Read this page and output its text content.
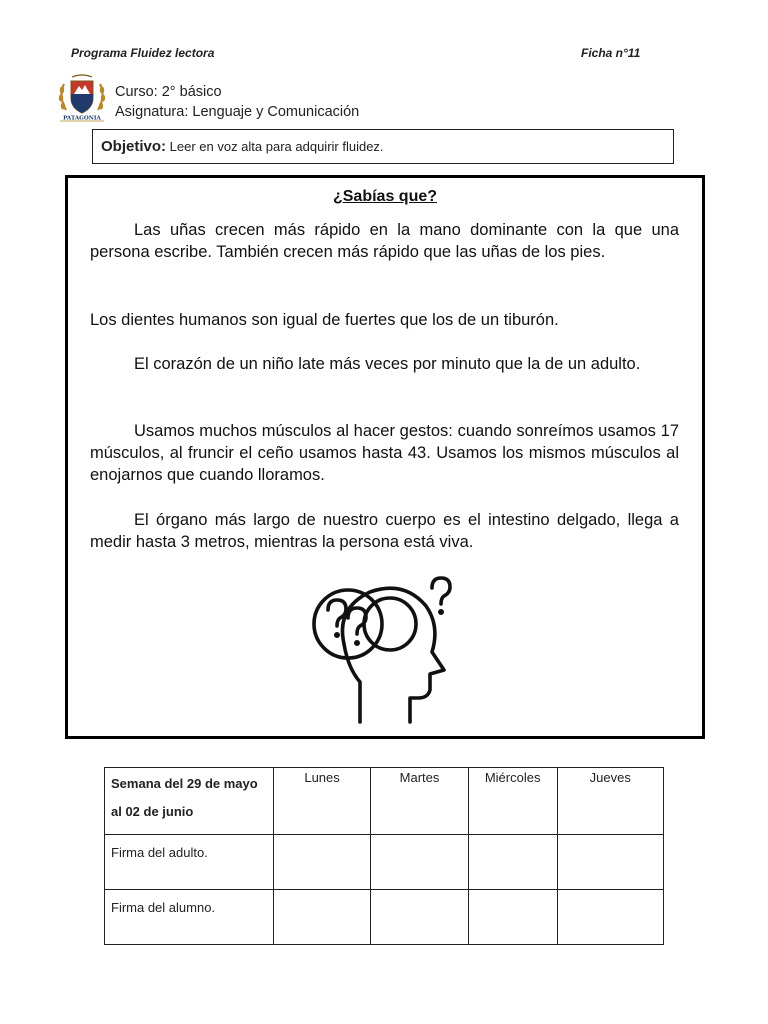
Programa Fluidez lectora	Ficha n°11
PATAGONIA
Curso: 2° básico
Asignatura: Lenguaje y Comunicación
Objetivo: Leer en voz alta para adquirir fluidez.
¿Sabías que?

Las uñas crecen más rápido en la mano dominante con la que una persona escribe. También crecen más rápido que las uñas de los pies.

Los dientes humanos son igual de fuertes que los de un tiburón.

El corazón de un niño late más veces por minuto que la de un adulto.

Usamos muchos músculos al hacer gestos: cuando sonreímos usamos 17 músculos, al fruncir el ceño usamos hasta 43. Usamos los mismos músculos al enojarnos que cuando lloramos.

El órgano más largo de nuestro cuerpo es el intestino delgado, llega a medir hasta 3 metros, mientras la persona está viva.

Semana del 29 de mayo al 02 de junio	Lunes	Martes	Miércoles	Jueves
Firma del adulto.				
Firma del alumno.				
